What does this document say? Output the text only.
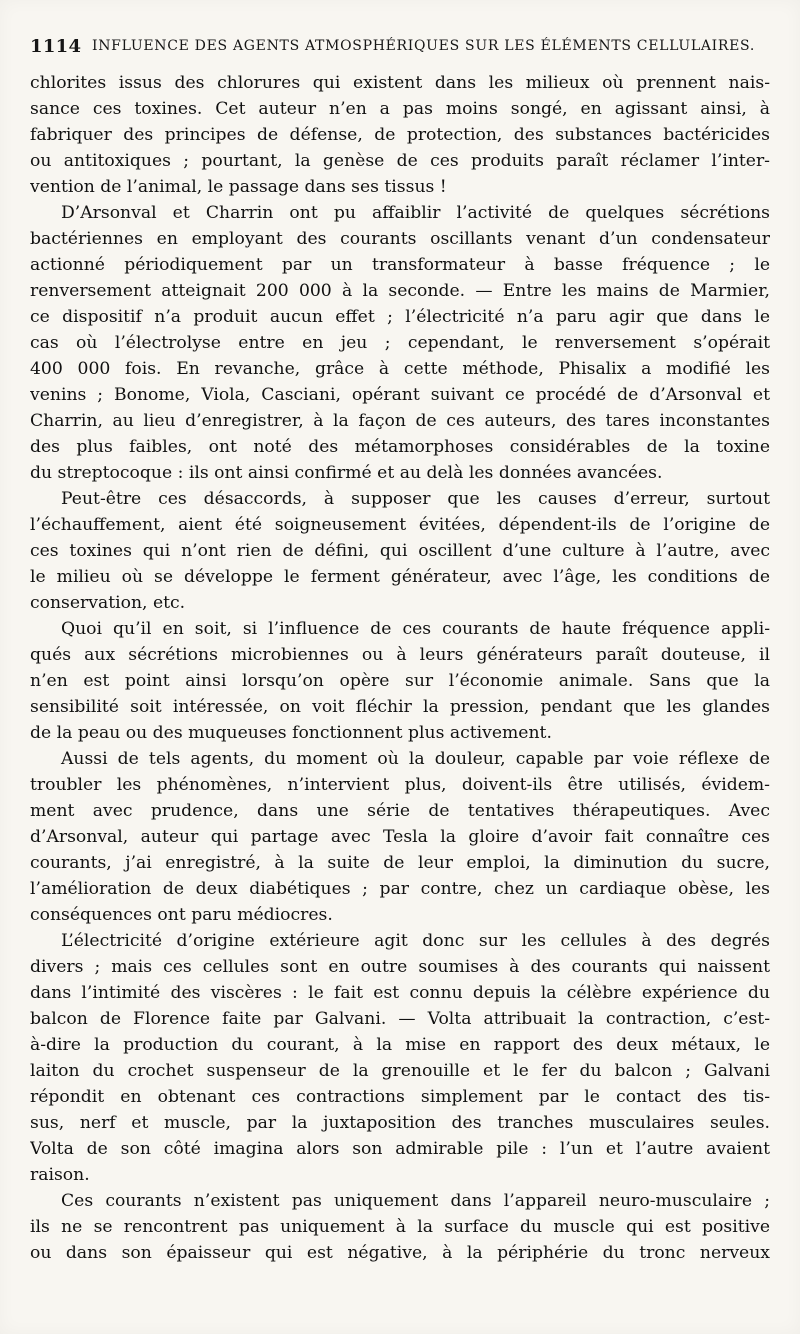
1114 INFLUENCE DES AGENTS ATMOSPHÉRIQUES SUR LES ÉLÉMENTS CELLULAIRES.

chlorites issus des chlorures qui existent dans les milieux où prennent nais-
sance ces toxines. Cet auteur n’en a pas moins songé, en agissant ainsi, à
fabriquer des principes de défense, de protection, des substances bactéricides
ou antitoxiques ; pourtant, la genèse de ces produits paraît réclamer l’inter-
vention de l’animal, le passage dans ses tissus !

D’Arsonval et Charrin ont pu affaiblir l’activité de quelques sécrétions
bactériennes en employant des courants oscillants venant d’un condensateur
actionné périodiquement par un transformateur à basse fréquence ; le
renversement atteignait 200 000 à la seconde. — Entre les mains de Marmier,
ce dispositif n’a produit aucun effet ; l’électricité n’a paru agir que dans le
cas où l’électrolyse entre en jeu ; cependant, le renversement s’opérait
400 000 fois. En revanche, grâce à cette méthode, Phisalix a modifié les
venins ; Bonome, Viola, Casciani, opérant suivant ce procédé de d’Arsonval et
Charrin, au lieu d’enregistrer, à la façon de ces auteurs, des tares inconstantes
des plus faibles, ont noté des métamorphoses considérables de la toxine
du streptocoque : ils ont ainsi confirmé et au delà les données avancées.

Peut-être ces désaccords, à supposer que les causes d’erreur, surtout
l’échauffement, aient été soigneusement évitées, dépendent-ils de l’origine de
ces toxines qui n’ont rien de défini, qui oscillent d’une culture à l’autre, avec
le milieu où se développe le ferment générateur, avec l’âge, les conditions de
conservation, etc.

Quoi qu’il en soit, si l’influence de ces courants de haute fréquence appli-
qués aux sécrétions microbiennes ou à leurs générateurs paraît douteuse, il
n’en est point ainsi lorsqu’on opère sur l’économie animale. Sans que la
sensibilité soit intéressée, on voit fléchir la pression, pendant que les glandes
de la peau ou des muqueuses fonctionnent plus activement.

Aussi de tels agents, du moment où la douleur, capable par voie réflexe de
troubler les phénomènes, n’intervient plus, doivent-ils être utilisés, évidem-
ment avec prudence, dans une série de tentatives thérapeutiques. Avec
d’Arsonval, auteur qui partage avec Tesla la gloire d’avoir fait connaître ces
courants, j’ai enregistré, à la suite de leur emploi, la diminution du sucre,
l’amélioration de deux diabétiques ; par contre, chez un cardiaque obèse, les
conséquences ont paru médiocres.

L’électricité d’origine extérieure agit donc sur les cellules à des degrés
divers ; mais ces cellules sont en outre soumises à des courants qui naissent
dans l’intimité des viscères : le fait est connu depuis la célèbre expérience du
balcon de Florence faite par Galvani. — Volta attribuait la contraction, c’est-
à-dire la production du courant, à la mise en rapport des deux métaux, le
laiton du crochet suspenseur de la grenouille et le fer du balcon ; Galvani
répondit en obtenant ces contractions simplement par le contact des tis-
sus, nerf et muscle, par la juxtaposition des tranches musculaires seules.
Volta de son côté imagina alors son admirable pile : l’un et l’autre avaient
raison.

Ces courants n’existent pas uniquement dans l’appareil neuro-musculaire ;
ils ne se rencontrent pas uniquement à la surface du muscle qui est positive
ou dans son épaisseur qui est négative, à la périphérie du tronc nerveux
